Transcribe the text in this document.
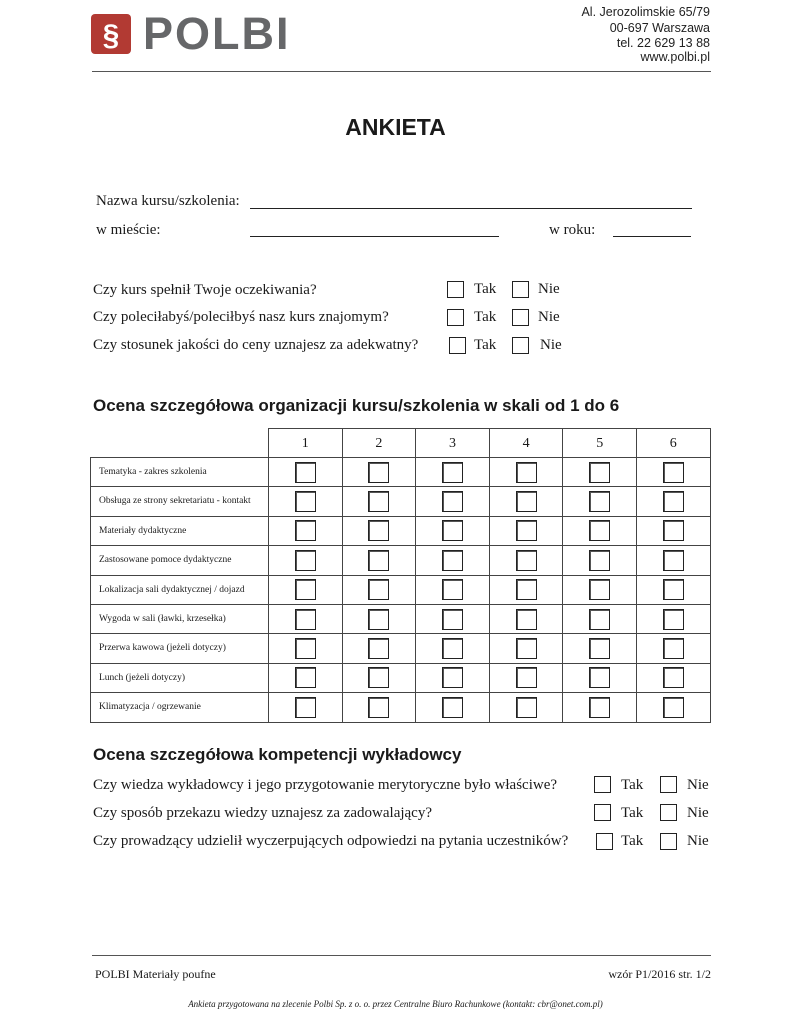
§ POLBI	Al. Jerozolimskie 65/79
00-697 Warszawa
tel. 22 629 13 88
www.polbi.pl
ANKIETA
Nazwa kursu/szkolenia:
w mieście:	w roku:
Czy kurs spełnił Twoje oczekiwania?	Tak	Nie
Czy poleciłabyś/poleciłbyś nasz kurs znajomym?	Tak	Nie
Czy stosunek jakości do ceny uznajesz za adekwatny?	Tak	Nie
Ocena szczegółowa organizacji kursu/szkolenia w skali od 1 do 6
1	2	3	4	5	6
Tematyka - zakres szkolenia
Obsługa ze strony sekretariatu - kontakt
Materiały dydaktyczne
Zastosowane pomoce dydaktyczne
Lokalizacja sali dydaktycznej / dojazd
Wygoda w sali (ławki, krzesełka)
Przerwa kawowa (jeżeli dotyczy)
Lunch (jeżeli dotyczy)
Klimatyzacja / ogrzewanie
Ocena szczegółowa kompetencji wykładowcy
Czy wiedza wykładowcy i jego przygotowanie merytoryczne było właściwe?	Tak	Nie
Czy sposób przekazu wiedzy uznajesz za zadowalający?	Tak	Nie
Czy prowadzący udzielił wyczerpujących odpowiedzi na pytania uczestników?	Tak	Nie
POLBI Materiały poufne	wzór P1/2016 str. 1/2
Ankieta przygotowana na zlecenie Polbi Sp. z o. o. przez Centralne Biuro Rachunkowe (kontakt: cbr@onet.com.pl)
